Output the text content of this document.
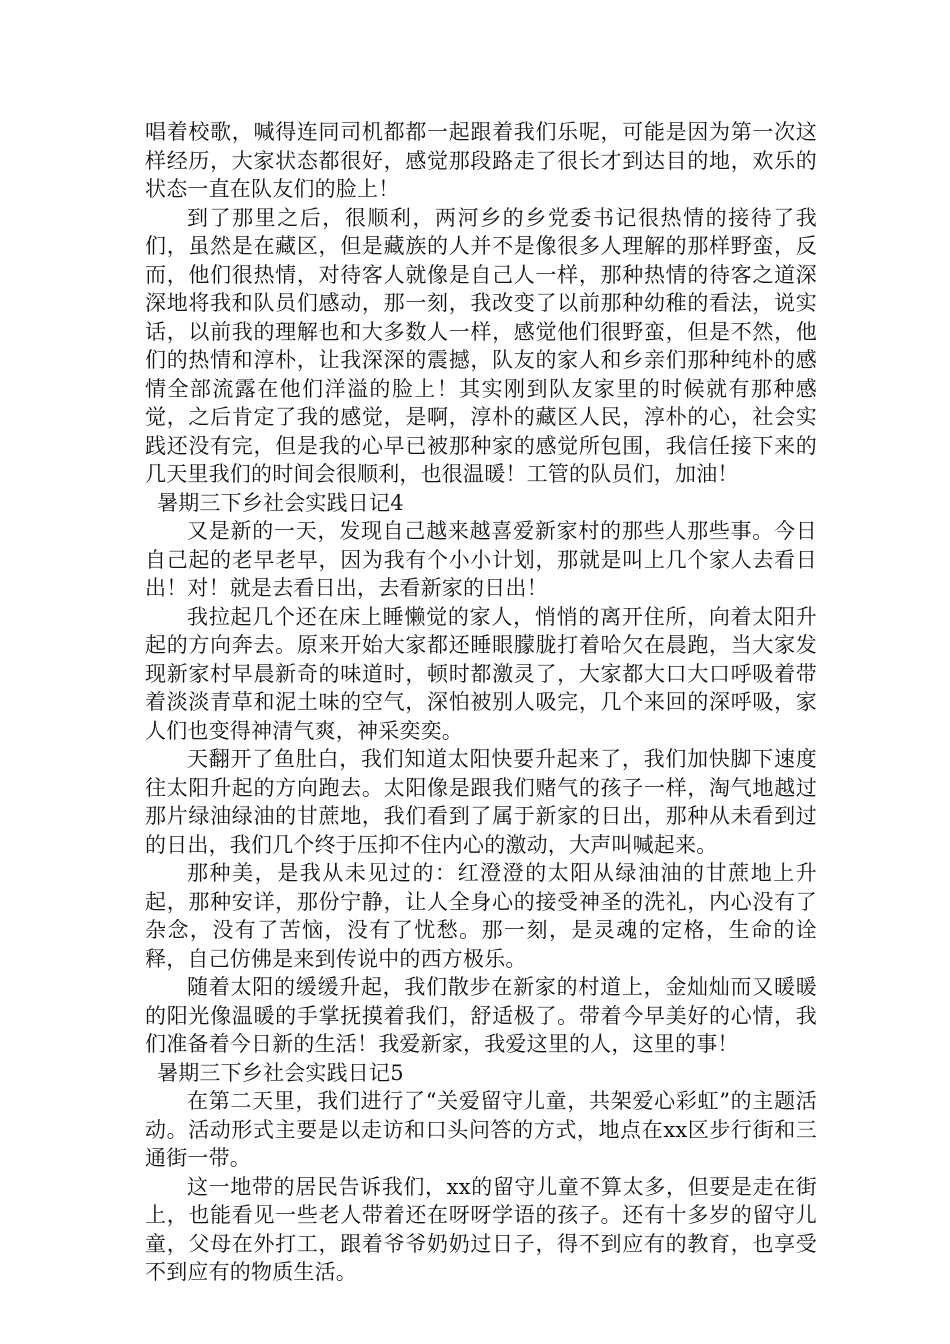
唱着校歌，喊得连同司机都都一起跟着我们乐呢，可能是因为第一次这样经历，大家状态都很好，感觉那段路走了很长才到达目的地，欢乐的状态一直在队友们的脸上！

到了那里之后，很顺利，两河乡的乡党委书记很热情的接待了我们，虽然是在藏区，但是藏族的人并不是像很多人理解的那样野蛮，反而，他们很热情，对待客人就像是自己人一样，那种热情的待客之道深深地将我和队员们感动，那一刻，我改变了以前那种幼稚的看法，说实话，以前我的理解也和大多数人一样，感觉他们很野蛮，但是不然，他们的热情和淳朴，让我深深的震撼，队友的家人和乡亲们那种纯朴的感情全部流露在他们洋溢的脸上！其实刚到队友家里的时候就有那种感觉，之后肯定了我的感觉，是啊，淳朴的藏区人民，淳朴的心，社会实践还没有完，但是我的心早已被那种家的感觉所包围，我信任接下来的几天里我们的时间会很顺利，也很温暖！工管的队员们，加油！

暑期三下乡社会实践日记4

又是新的一天，发现自己越来越喜爱新家村的那些人那些事。今日自己起的老早老早，因为我有个小小计划，那就是叫上几个家人去看日出！对！就是去看日出，去看新家的日出！

我拉起几个还在床上睡懒觉的家人，悄悄的离开住所，向着太阳升起的方向奔去。原来开始大家都还睡眼朦胧打着哈欠在晨跑，当大家发现新家村早晨新奇的味道时，顿时都激灵了，大家都大口大口呼吸着带着淡淡青草和泥土味的空气，深怕被别人吸完，几个来回的深呼吸，家人们也变得神清气爽，神采奕奕。

天翻开了鱼肚白，我们知道太阳快要升起来了，我们加快脚下速度往太阳升起的方向跑去。太阳像是跟我们赌气的孩子一样，淘气地越过那片绿油绿油的甘蔗地，我们看到了属于新家的日出，那种从未看到过的日出，我们几个终于压抑不住内心的激动，大声叫喊起来。

那种美，是我从未见过的：红澄澄的太阳从绿油油的甘蔗地上升起，那种安详，那份宁静，让人全身心的接受神圣的洗礼，内心没有了杂念，没有了苦恼，没有了忧愁。那一刻，是灵魂的定格，生命的诠释，自己仿佛是来到传说中的西方极乐。

随着太阳的缓缓升起，我们散步在新家的村道上，金灿灿而又暖暖的阳光像温暖的手掌抚摸着我们，舒适极了。带着今早美好的心情，我们准备着今日新的生活！我爱新家，我爱这里的人，这里的事！

暑期三下乡社会实践日记5

在第二天里，我们进行了“关爱留守儿童，共架爱心彩虹”的主题活动。活动形式主要是以走访和口头问答的方式，地点在xx区步行街和三通街一带。

这一地带的居民告诉我们，xx的留守儿童不算太多，但要是走在街上，也能看见一些老人带着还在呀呀学语的孩子。还有十多岁的留守儿童，父母在外打工，跟着爷爷奶奶过日子，得不到应有的教育，也享受不到应有的物质生活。
